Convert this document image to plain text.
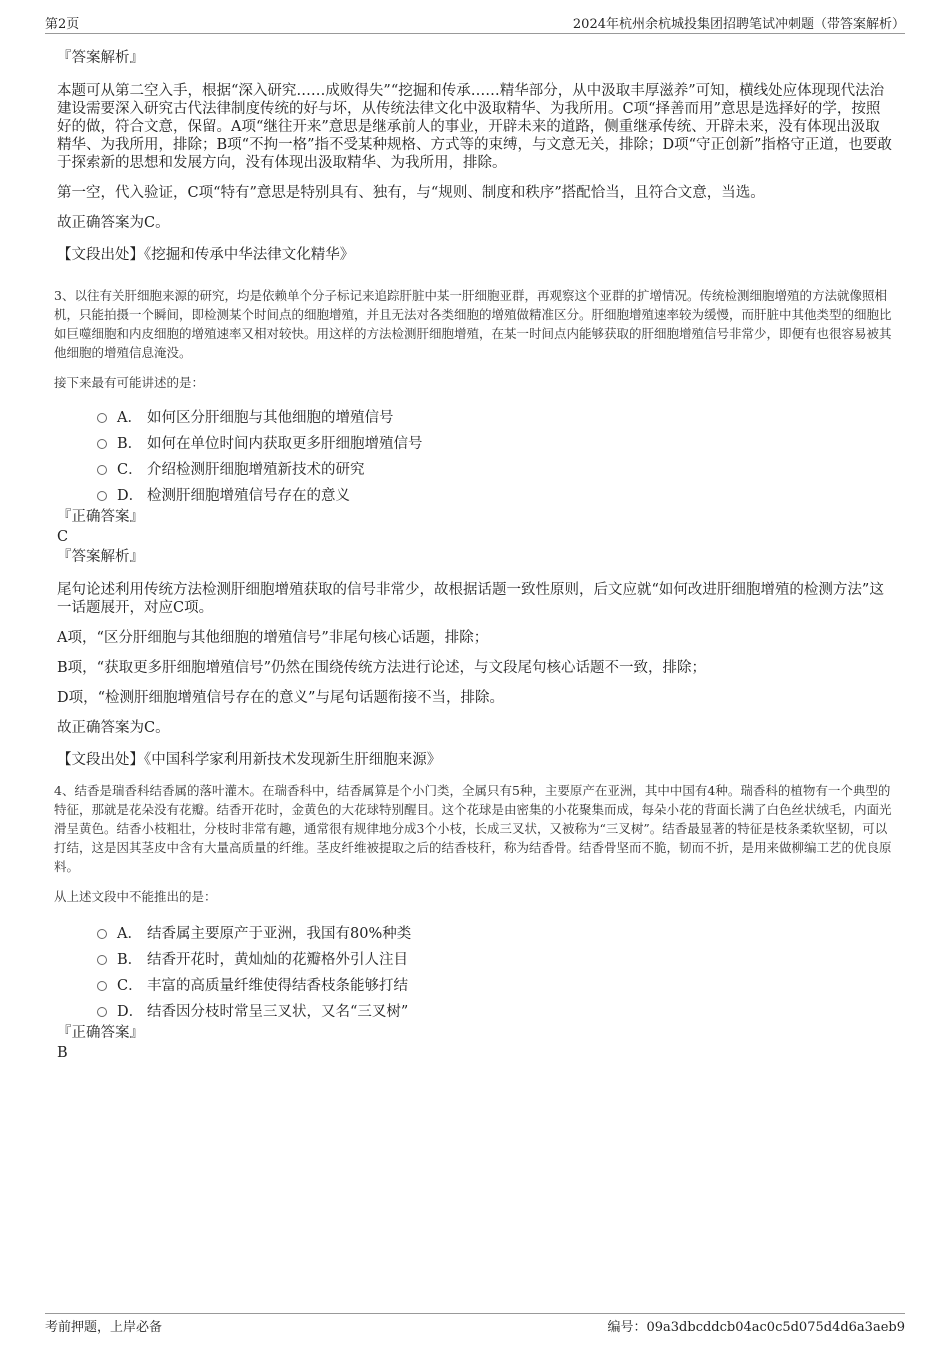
第2页	2024年杭州余杭城投集团招聘笔试冲刺题（带答案解析）

『答案解析』

本题可从第二空入手，根据“深入研究……成败得失”“挖掘和传承……精华部分，从中汲取丰厚滋养”可知，横线处应体现现代法治建设需要深入研究古代法律制度传统的好与坏，从传统法律文化中汲取精华、为我所用。C项“择善而用”意思是选择好的学，按照好的做，符合文意，保留。A项“继往开来”意思是继承前人的事业，开辟未来的道路，侧重继承传统、开辟未来，没有体现出汲取精华、为我所用，排除；B项“不拘一格”指不受某种规格、方式等的束缚，与文意无关，排除；D项“守正创新”指格守正道，也要敢于探索新的思想和发展方向，没有体现出汲取精华、为我所用，排除。

第一空，代入验证，C项“特有”意思是特别具有、独有，与“规则、制度和秩序”搭配恰当，且符合文意，当选。

故正确答案为C。

【文段出处】《挖掘和传承中华法律文化精华》

3、以往有关肝细胞来源的研究，均是依赖单个分子标记来追踪肝脏中某一肝细胞亚群，再观察这个亚群的扩增情况。传统检测细胞增殖的方法就像照相机，只能拍摄一个瞬间，即检测某个时间点的细胞增殖，并且无法对各类细胞的增殖做精准区分。肝细胞增殖速率较为缓慢，而肝脏中其他类型的细胞比如巨噬细胞和内皮细胞的增殖速率又相对较快。用这样的方法检测肝细胞增殖，在某一时间点内能够获取的肝细胞增殖信号非常少，即便有也很容易被其他细胞的增殖信息淹没。

接下来最有可能讲述的是：

A． 如何区分肝细胞与其他细胞的增殖信号
B． 如何在单位时间内获取更多肝细胞增殖信号
C． 介绍检测肝细胞增殖新技术的研究
D． 检测肝细胞增殖信号存在的意义

『正确答案』

C

『答案解析』

尾句论述利用传统方法检测肝细胞增殖获取的信号非常少，故根据话题一致性原则，后文应就“如何改进肝细胞增殖的检测方法”这一话题展开，对应C项。

A项，“区分肝细胞与其他细胞的增殖信号”非尾句核心话题，排除；

B项，“获取更多肝细胞增殖信号”仍然在围绕传统方法进行论述，与文段尾句核心话题不一致，排除；

D项，“检测肝细胞增殖信号存在的意义”与尾句话题衔接不当，排除。

故正确答案为C。

【文段出处】《中国科学家利用新技术发现新生肝细胞来源》

4、结香是瑞香科结香属的落叶灌木。在瑞香科中，结香属算是个小门类，全属只有5种，主要原产在亚洲，其中中国有4种。瑞香科的植物有一个典型的特征，那就是花朵没有花瓣。结香开花时，金黄色的大花球特别醒目。这个花球是由密集的小花聚集而成，每朵小花的背面长满了白色丝状绒毛，内面光滑呈黄色。结香小枝粗壮，分枝时非常有趣，通常很有规律地分成3个小枝，长成三叉状，又被称为“三叉树”。结香最显著的特征是枝条柔软坚韧，可以打结，这是因其茎皮中含有大量高质量的纤维。茎皮纤维被提取之后的结香枝秆，称为结香骨。结香骨坚而不脆，韧而不折，是用来做柳编工艺的优良原料。

从上述文段中不能推出的是：

A． 结香属主要原产于亚洲，我国有80%种类
B． 结香开花时，黄灿灿的花瓣格外引人注目
C． 丰富的高质量纤维使得结香枝条能够打结
D． 结香因分枝时常呈三叉状，又名“三叉树”

『正确答案』

B

考前押题，上岸必备	编号：09a3dbcddcb04ac0c5d075d4d6a3aeb9
